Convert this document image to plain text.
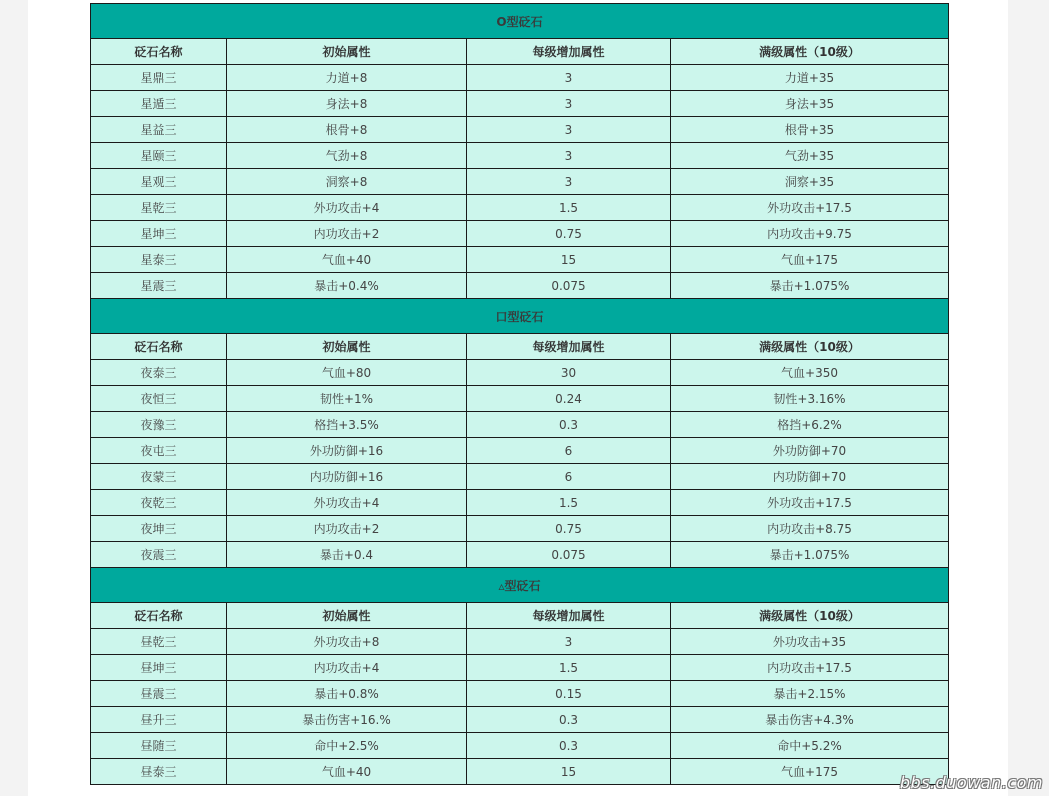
O型砭石			
砭石名称	初始属性	每级增加属性	满级属性（10级）
星鼎三	力道+8	3	力道+35
星遁三	身法+8	3	身法+35
星益三	根骨+8	3	根骨+35
星颐三	气劲+8	3	气劲+35
星观三	洞察+8	3	洞察+35
星乾三	外功攻击+4	1.5	外功攻击+17.5
星坤三	内功攻击+2	0.75	内功攻击+9.75
星泰三	气血+40	15	气血+175
星震三	暴击+0.4%	0.075	暴击+1.075%
口型砭石			
砭石名称	初始属性	每级增加属性	满级属性（10级）
夜泰三	气血+80	30	气血+350
夜恒三	韧性+1%	0.24	韧性+3.16%
夜豫三	格挡+3.5%	0.3	格挡+6.2%
夜屯三	外功防御+16	6	外功防御+70
夜蒙三	内功防御+16	6	内功防御+70
夜乾三	外功攻击+4	1.5	外功攻击+17.5
夜坤三	内功攻击+2	0.75	内功攻击+8.75
夜震三	暴击+0.4	0.075	暴击+1.075%
▵型砭石			
砭石名称	初始属性	每级增加属性	满级属性（10级）
昼乾三	外功攻击+8	3	外功攻击+35
昼坤三	内功攻击+4	1.5	内功攻击+17.5
昼震三	暴击+0.8%	0.15	暴击+2.15%
昼升三	暴击伤害+16.%	0.3	暴击伤害+4.3%
昼随三	命中+2.5%	0.3	命中+5.2%
昼泰三	气血+40	15	气血+175
bbs.duowan.com
